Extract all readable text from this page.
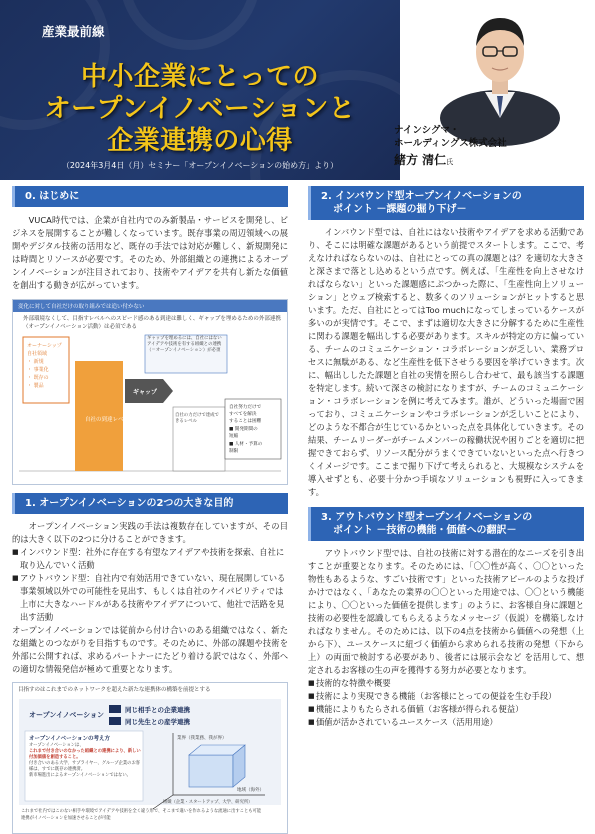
産業最前線
中小企業にとっての
オープンイノベーションと
企業連携の心得
（2024年3月4日（月）セミナー「オープンイノベーションの始め方」より）
ナインシグマ・
ホールディングス株式会社
緒方 清仁氏
0. はじめに
VUCA時代では、企業が自社内でのみ新製品・サービスを開発し、ビジネスを展開することが難しくなっています。既存事業の周辺領域への展開やデジタル技術の活用など、既存の手法では対応が難しく、新規開発には時間とリソースが必要です。そのため、外部組織との連携によるオープンイノベーションが注目されており、技術やアイデアを共有し新たな価値を創出する動きが広がっています。
変化に対して自社だけの取り組みでは追い付かない
外部環境なくして、目指すレベルへのスピード感のある到達は難しく、ギャップを埋めるための外部連携（オープンイノベーション活動）は必須である
オーナーシップ
自社領域
・ 新規
・ 事業化
・ 既存の
・ 製品
自社の到達レベル
ギャップ
ギャップを埋めるには、自社にはないアイデアや技術を有する組織との連携（＝オープンイノベーション）が必須
自社の力だけで達成できるレベル
自社努力だけで
すべてを解決
することは困難
■ 開発期間の
短縮
■ 人材・予算の
制限
1. オープンイノベーションの2つの大きな目的
オープンイノベーション実践の手法は複数存在していますが、その目的は大きく以下の2つに分けることができます。
■ インバウンド型：社外に存在する有望なアイデアや技術を探索、自社に取り込んでいく活動
■ アウトバウンド型：自社内で有効活用できていない、現在展開している事業領域以外での可能性を見出す、もしくは自社のケイパビリティでは上市に大きなハードルがある技術やアイデアについて、他社で活路を見出す活動
オープンイノベーションでは従前から付け合いのある組織ではなく、新たな組織とのつながりを目指すものです。そのために、外部の課題や技術を外部に公開すれば、求めるパートナーにたどり着ける訳ではなく、外部への適切な情報発信が極めて重要となります。
目指すのはこれまでのネットワークを超えた新たな連携体の構築を前提とする
オープンイノベーション
同じ相手との企業連携
同じ先生との産学連携
オープンイノベーションの考え方
オープンイノベーションは、
これまで付き合いのなかった組織との連携により、新しい付加価値を創造すること。
付き合いのある大学、サプライヤー、グループ企業のお客様は、すでに既存の連携済。
新市場進出によるオープンイノベーションではない。
業界（我業務、我が界）
地域（海外）
組織（企業・スタートアップ、大学、研究所）
これまで社内ではこのない相手や環境でアイデアや技術を全く違う形で、そこまで違いを作れるような流通に出すことも可能
連携がイノベーションを加速させることが可能
2. インバウンド型オープンイノベーションの
ポイント －課題の掘り下げ－
インバウンド型では、自社にはない技術やアイデアを求める活動であり、そこには明確な課題があるという前提でスタートします。ここで、考えなければならないのは、自社にとっての真の課題とは？を適切な大きさと深さまで落とし込めるという点です。例えば、「生産性を向上させなければならない」といった課題感にぶつかった際に、「生産性向上ソリューション」とウェブ検索すると、数多くのソリューションがヒットすると思います。ただ、自社にとってはToo muchになってしまっているケースが多いのが実情です。そこで、まずは適切な大きさに分解するために生産性に関わる課題を幅出しする必要があります。スキルが特定の方に偏っている、チームのコミュニケーション・コラボレーションが乏しい、業務プロセスに無駄がある、など生産性を低下させうる要因を挙げていきます。次に、幅出ししたた課題と自社の実情を照らし合わせて、最も該当する課題を特定します。続いて深さの検討になりますが、チームのコミュニケーション・コラボレーションを例に考えてみます。誰が、どういった場面で困っており、コミュニケーションやコラボレーションが乏しいことにより、どのような不都合が生じているかといった点を具体化していきます。その結果、チームリーダーがチームメンバーの稼働状況や困りごとを適切に把握できておらず、リソース配分がうまくできていないといった点へ行きつくイメージです。ここまで掘り下げて考えられると、大規模なシステムを導入せずとも、必要十分かつ手頃なソリューションも視野に入ってきます。
3. アウトバウンド型オープンイノベーションの
ポイント －技術の機能・価値への翻訳－
アウトバウンド型では、自社の技術に対する潜在的なニーズを引き出すことが重要となります。そのためには、「〇〇性が高く、〇〇といった物性もあるような、すごい技術です」といった技術アピールのような投げかけではなく、「あなたの業界の〇〇といった用途では、〇〇という機能により、〇〇といった価値を提供します」のように、お客様自身に課題と技術の必要性を認識してもらえるようなメッセージ（仮説）を構築しなければなりません。そのためには、以下の4点を技術から価値への発想（上から下）、ユースケースに紐づく価値から求められる技術の発想（下から上）の両面で検討する必要があり、後者には展示会など を活用して、想定されるお客様の生の声を獲得する努力が必要となります。
■ 技術的な特徴や概要
■ 技術により実現できる機能（お客様にとっての便益を生む手段）
■ 機能によりもたらされる価値（お客様が得られる便益）
■ 価値が活かされているユースケース（活用用途）
